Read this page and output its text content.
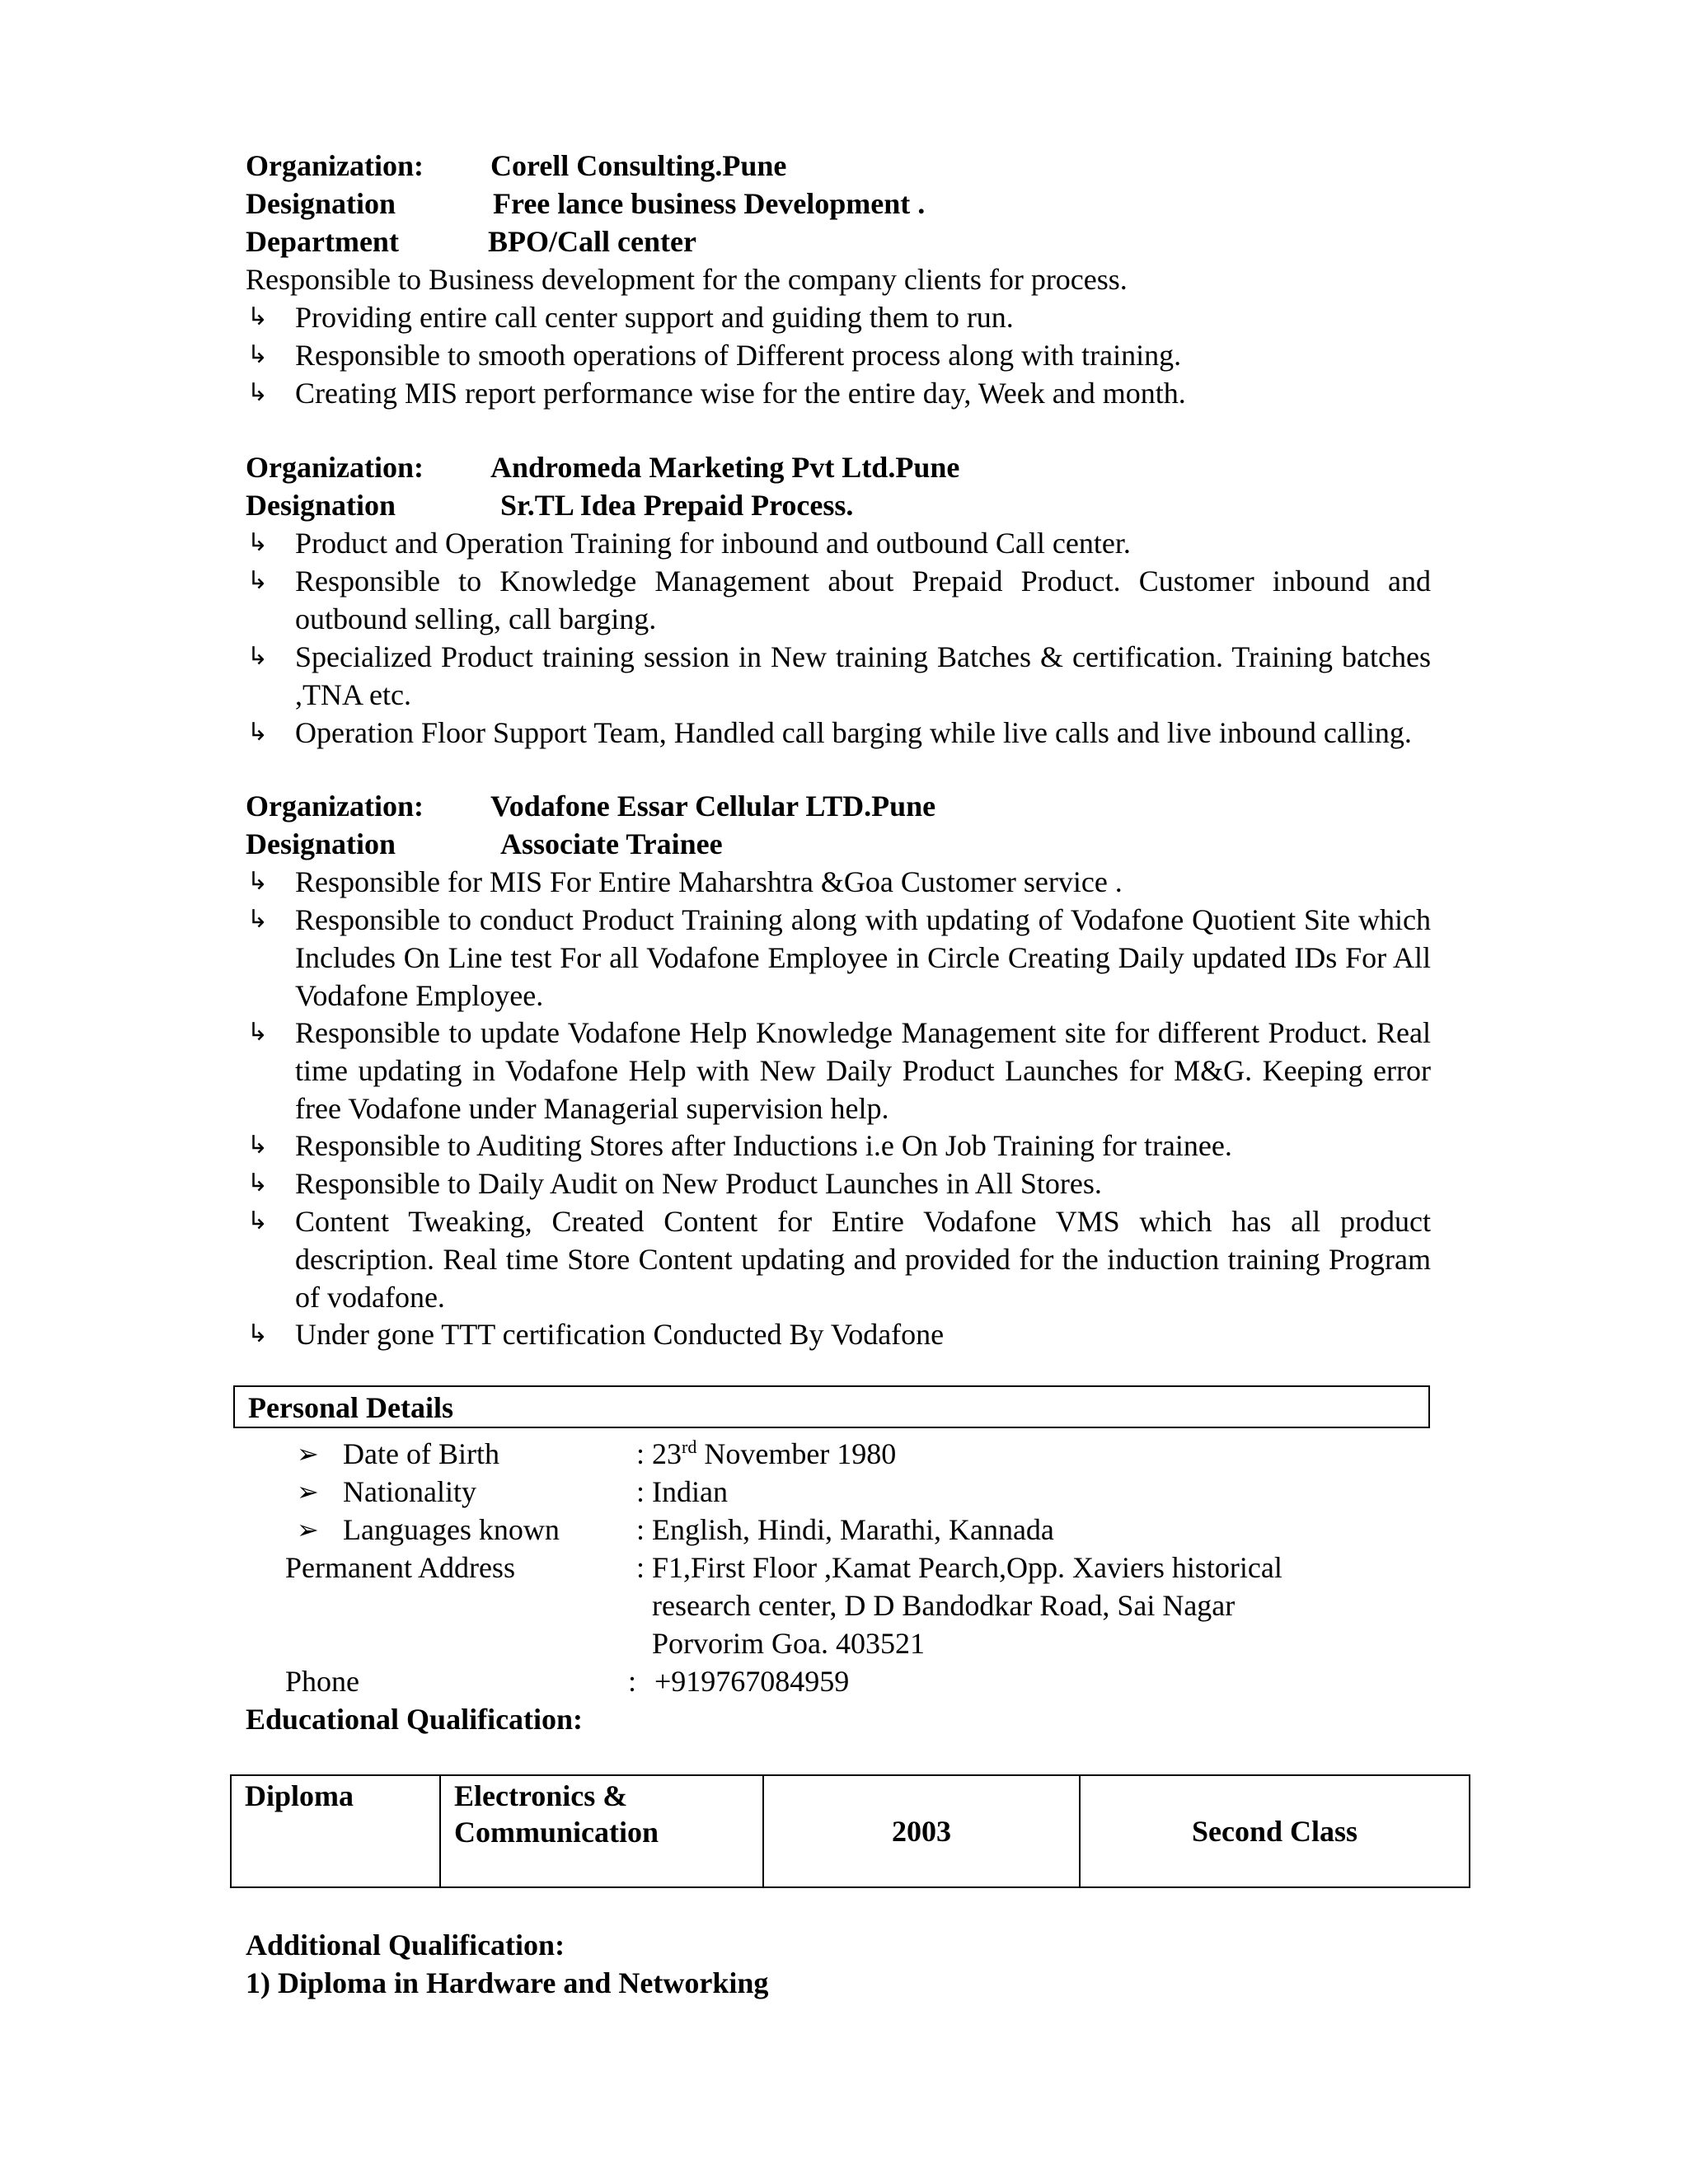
Organization: Corell Consulting.Pune
Designation	Free lance business Development .
Department	BPO/Call center
Responsible to Business development for the company clients for process.
↳ Providing entire call center support and guiding them to run.
↳ Responsible to smooth operations of Different process along with training.
↳ Creating MIS report performance wise for the entire day, Week and month.
Organization: Andromeda Marketing Pvt Ltd.Pune
Designation	Sr.TL Idea Prepaid Process.
↳ Product and Operation Training for inbound and outbound Call center.
↳ Responsible to Knowledge Management about Prepaid Product. Customer inbound and outbound selling, call barging.
↳ Specialized Product training session in New training Batches & certification. Training batches ,TNA etc.
↳ Operation Floor Support Team, Handled call barging while live calls and live inbound calling.
Organization: Vodafone Essar Cellular LTD.Pune
Designation	Associate Trainee
↳ Responsible for MIS For Entire Maharshtra &Goa Customer service .
↳ Responsible to conduct Product Training along with updating of Vodafone Quotient Site which Includes On Line test For all Vodafone Employee in Circle Creating Daily updated IDs For All Vodafone Employee.
↳ Responsible to update Vodafone Help Knowledge Management site for different Product. Real time updating in Vodafone Help with New Daily Product Launches for M&G. Keeping error free Vodafone under Managerial supervision help.
↳ Responsible to Auditing Stores after Inductions i.e On Job Training for trainee.
↳ Responsible to Daily Audit on New Product Launches in All Stores.
↳ Content Tweaking, Created Content for Entire Vodafone VMS which has all product description. Real time Store Content updating and provided for the induction training Program of vodafone.
↳ Under gone TTT certification Conducted By Vodafone
Personal Details
➢ Date of Birth	: 23rd November 1980
➢ Nationality	: Indian
➢ Languages known	: English, Hindi, Marathi, Kannada
Permanent Address	: F1,First Floor ,Kamat Pearch,Opp. Xaviers historical
research center, D D Bandodkar Road, Sai Nagar
Porvorim Goa. 403521
Phone	: +919767084959
Educational Qualification:
Diploma	Electronics & Communication	2003	Second Class
Additional Qualification:
1) Diploma in Hardware and Networking
